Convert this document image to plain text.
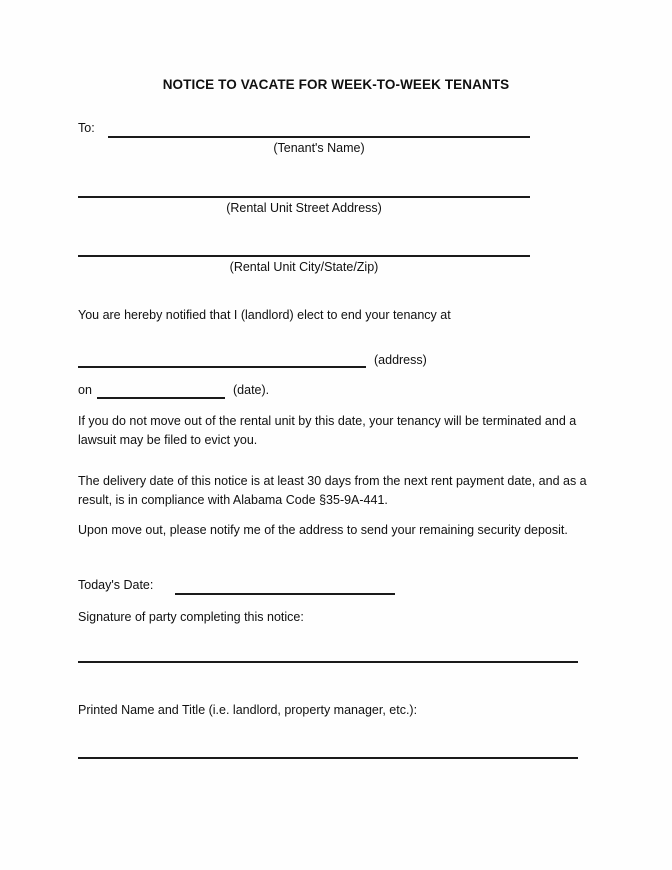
NOTICE TO VACATE FOR WEEK-TO-WEEK TENANTS
To:
(Tenant's Name)
(Rental Unit Street Address)
(Rental Unit City/State/Zip)
You are hereby notified that I (landlord) elect to end your tenancy at
(address)
on	(date).
If you do not move out of the rental unit by this date, your tenancy will be terminated and a lawsuit may be filed to evict you.
The delivery date of this notice is at least 30 days from the next rent payment date, and as a result, is in compliance with Alabama Code §35-9A-441.
Upon move out, please notify me of the address to send your remaining security deposit.
Today's Date:
Signature of party completing this notice:
Printed Name and Title (i.e. landlord, property manager, etc.):
